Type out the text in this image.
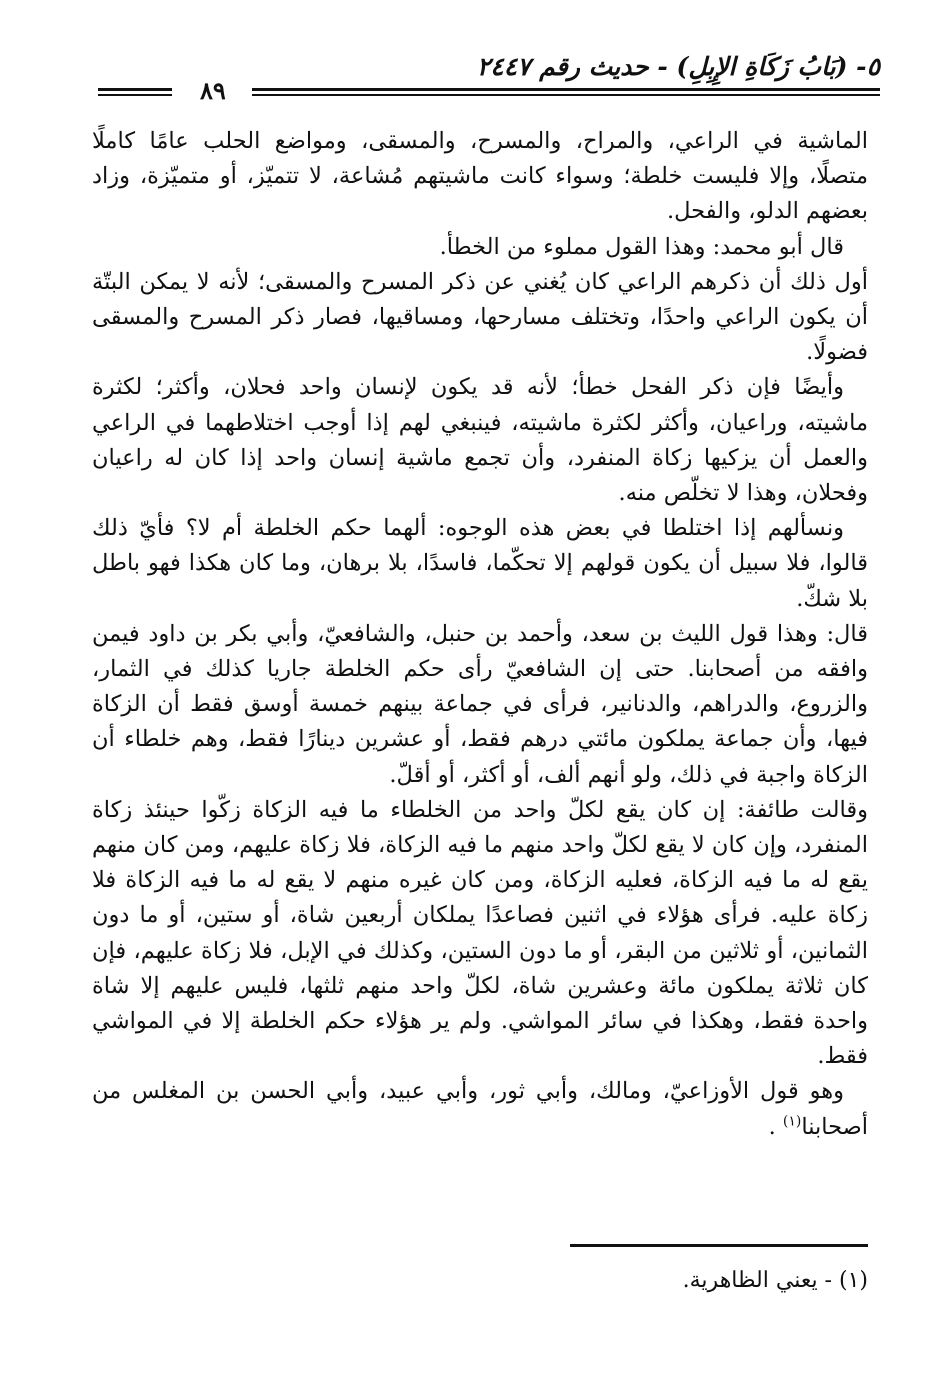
٥- (بَابُ زَكَاةِ الإِبِلِ) - حديث رقم ٢٤٤٧
٨٩

الماشية في الراعي، والمراح، والمسرح، والمسقى، ومواضع الحلب عامًا كاملًا متصلًا، وإلا فليست خلطة؛ وسواء كانت ماشيتهم مُشاعة، لا تتميّز، أو متميّزة، وزاد بعضهم الدلو، والفحل.

قال أبو محمد: وهذا القول مملوء من الخطأ.

أول ذلك أن ذكرهم الراعي كان يُغني عن ذكر المسرح والمسقى؛ لأنه لا يمكن البتّة أن يكون الراعي واحدًا، وتختلف مسارحها، ومساقيها، فصار ذكر المسرح والمسقى فضولًا.

وأيضًا فإن ذكر الفحل خطأ؛ لأنه قد يكون لإنسان واحد فحلان، وأكثر؛ لكثرة ماشيته، وراعيان، وأكثر لكثرة ماشيته، فينبغي لهم إذا أوجب اختلاطهما في الراعي والعمل أن يزكيها زكاة المنفرد، وأن تجمع ماشية إنسان واحد إذا كان له راعيان وفحلان، وهذا لا تخلّص منه.

ونسألهم إذا اختلطا في بعض هذه الوجوه: ألهما حكم الخلطة أم لا؟ فأيّ ذلك قالوا، فلا سبيل أن يكون قولهم إلا تحكّما، فاسدًا، بلا برهان، وما كان هكذا فهو باطل بلا شكّ.

قال: وهذا قول الليث بن سعد، وأحمد بن حنبل، والشافعيّ، وأبي بكر بن داود فيمن وافقه من أصحابنا. حتى إن الشافعيّ رأى حكم الخلطة جاريا كذلك في الثمار، والزروع، والدراهم، والدنانير، فرأى في جماعة بينهم خمسة أوسق فقط أن الزكاة فيها، وأن جماعة يملكون مائتي درهم فقط، أو عشرين دينارًا فقط، وهم خلطاء أن الزكاة واجبة في ذلك، ولو أنهم ألف، أو أكثر، أو أقلّ.

وقالت طائفة: إن كان يقع لكلّ واحد من الخلطاء ما فيه الزكاة زكّوا حينئذ زكاة المنفرد، وإن كان لا يقع لكلّ واحد منهم ما فيه الزكاة، فلا زكاة عليهم، ومن كان منهم يقع له ما فيه الزكاة، فعليه الزكاة، ومن كان غيره منهم لا يقع له ما فيه الزكاة فلا زكاة عليه. فرأى هؤلاء في اثنين فصاعدًا يملكان أربعين شاة، أو ستين، أو ما دون الثمانين، أو ثلاثين من البقر، أو ما دون الستين، وكذلك في الإبل، فلا زكاة عليهم، فإن كان ثلاثة يملكون مائة وعشرين شاة، لكلّ واحد منهم ثلثها، فليس عليهم إلا شاة واحدة فقط، وهكذا في سائر المواشي. ولم ير هؤلاء حكم الخلطة إلا في المواشي فقط.

وهو قول الأوزاعيّ، ومالك، وأبي ثور، وأبي عبيد، وأبي الحسن بن المغلس من أصحابنا$^{(١)}$ .

(١) - يعني الظاهرية.
